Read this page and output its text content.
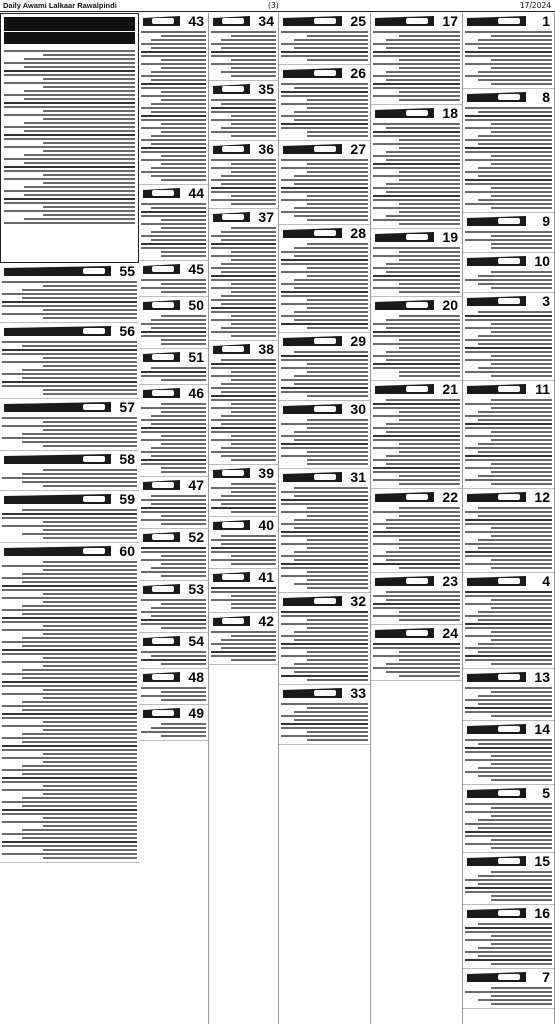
Daily Awami Lalkaar Rawalpindi	(3)	17/2024
1
8
9
10
3
11
12
4
13
14
5
15
16
7
17
18
19
20
21
22
23
24
25
26
27
28
29
30
31
32
33
34
35
36
37
38
39
40
41
42
43
44
45
50
51
46
47
52
53
54
48
49
55
56
57
58
59
60
